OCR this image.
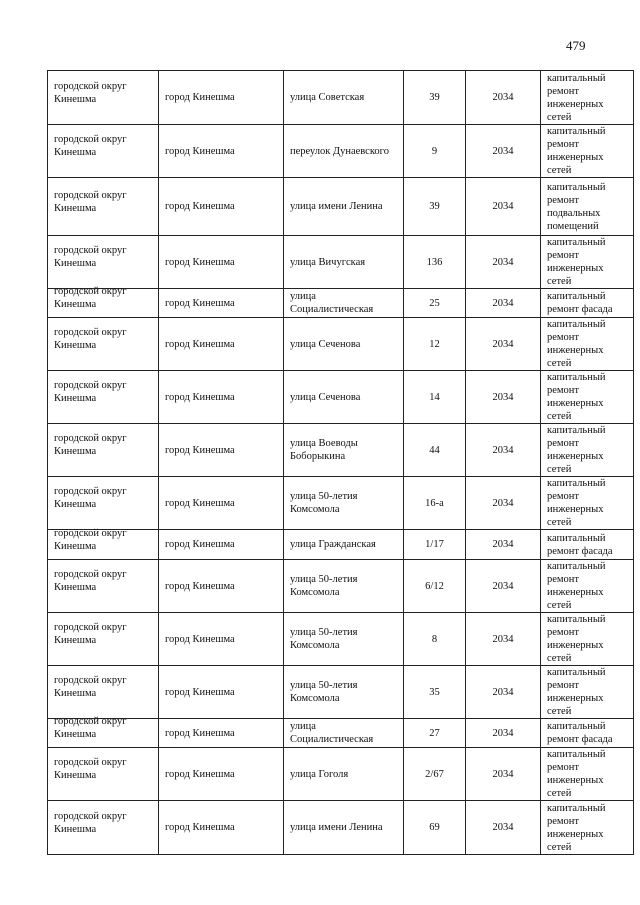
479
городской округ Кинешма	город Кинешма	улица Советская	39	2034	капитальный ремонт инженерных сетей

городской округ Кинешма	город Кинешма	переулок Дунаевского	9	2034	капитальный ремонт инженерных сетей

городской округ Кинешма	город Кинешма	улица имени Ленина	39	2034	капитальный ремонт подвальных помещений

городской округ Кинешма	город Кинешма	улица Вичугская	136	2034	капитальный ремонт инженерных сетей

городской округ Кинешма	город Кинешма	улица Социалистическая	25	2034	капитальный ремонт фасада

городской округ Кинешма	город Кинешма	улица Сеченова	12	2034	капитальный ремонт инженерных сетей

городской округ Кинешма	город Кинешма	улица Сеченова	14	2034	капитальный ремонт инженерных сетей

городской округ Кинешма	город Кинешма	улица Воеводы Боборыкина	44	2034	капитальный ремонт инженерных сетей

городской округ Кинешма	город Кинешма	улица 50-летия Комсомола	16-а	2034	капитальный ремонт инженерных сетей

городской округ Кинешма	город Кинешма	улица Гражданская	1/17	2034	капитальный ремонт фасада

городской округ Кинешма	город Кинешма	улица 50-летия Комсомола	6/12	2034	капитальный ремонт инженерных сетей

городской округ Кинешма	город Кинешма	улица 50-летия Комсомола	8	2034	капитальный ремонт инженерных сетей

городской округ Кинешма	город Кинешма	улица 50-летия Комсомола	35	2034	капитальный ремонт инженерных сетей

городской округ Кинешма	город Кинешма	улица Социалистическая	27	2034	капитальный ремонт фасада

городской округ Кинешма	город Кинешма	улица Гоголя	2/67	2034	капитальный ремонт инженерных сетей

городской округ Кинешма	город Кинешма	улица имени Ленина	69	2034	капитальный ремонт инженерных сетей
